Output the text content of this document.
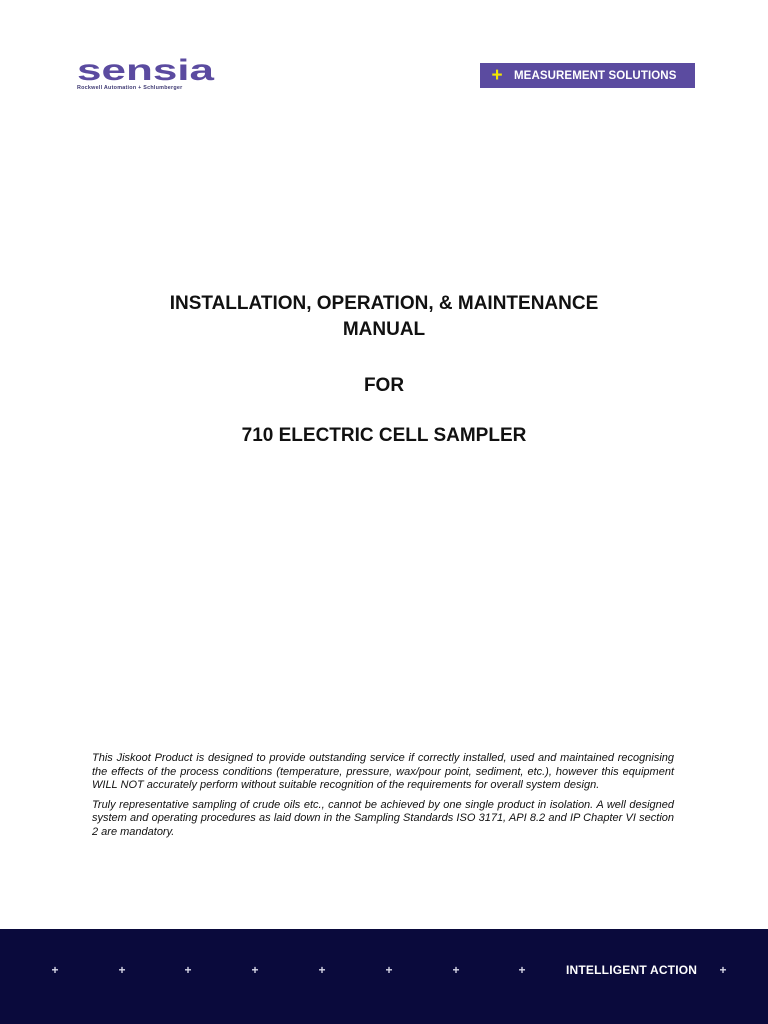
sensia
Rockwell Automation + Schlumberger
+ MEASUREMENT SOLUTIONS
INSTALLATION, OPERATION, & MAINTENANCE
MANUAL
FOR
710 ELECTRIC CELL SAMPLER

This Jiskoot Product is designed to provide outstanding service if correctly installed, used and maintained recognising the effects of the process conditions (temperature, pressure, wax/pour point, sediment, etc.), however this equipment WILL NOT accurately perform without suitable recognition of the requirements for overall system design.

Truly representative sampling of crude oils etc., cannot be achieved by one single product in isolation. A well designed system and operating procedures as laid down in the Sampling Standards ISO 3171, API 8.2 and IP Chapter VI section 2 are mandatory.

+	+	+	+	+	+	+	+	INTELLIGENT ACTION	+
